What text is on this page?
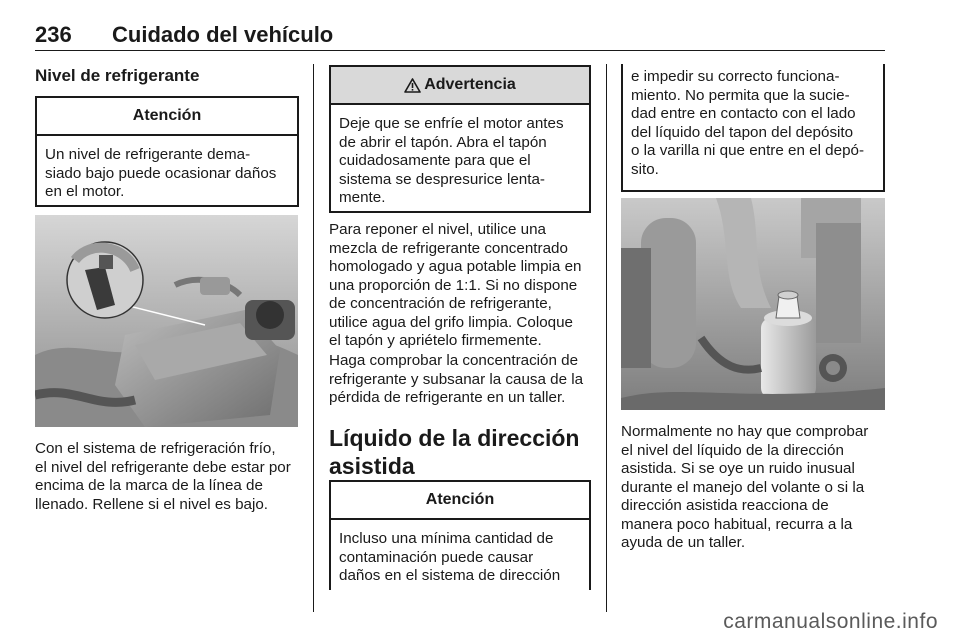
236 Cuidado del vehículo
Nivel de refrigerante
Atención
Un nivel de refrigerante dema-
siado bajo puede ocasionar daños
en el motor.
Con el sistema de refrigeración frío,
el nivel del refrigerante debe estar por
encima de la marca de la línea de
llenado. Rellene si el nivel es bajo.
Advertencia
Deje que se enfríe el motor antes
de abrir el tapón. Abra el tapón
cuidadosamente para que el
sistema se despresurice lenta-
mente.
Para reponer el nivel, utilice una
mezcla de refrigerante concentrado
homologado y agua potable limpia en
una proporción de 1:1. Si no dispone
de concentración de refrigerante,
utilice agua del grifo limpia. Coloque
el tapón y apriételo firmemente.
Haga comprobar la concentración de
refrigerante y subsanar la causa de la
pérdida de refrigerante en un taller.
Líquido de la dirección
asistida
Atención
Incluso una mínima cantidad de
contaminación puede causar
daños en el sistema de dirección
e impedir su correcto funciona-
miento. No permita que la sucie-
dad entre en contacto con el lado
del líquido del tapon del depósito
o la varilla ni que entre en el depó-
sito.
Normalmente no hay que comprobar
el nivel del líquido de la dirección
asistida. Si se oye un ruido inusual
durante el manejo del volante o si la
dirección asistida reacciona de
manera poco habitual, recurra a la
ayuda de un taller.
carmanualsonline.info
